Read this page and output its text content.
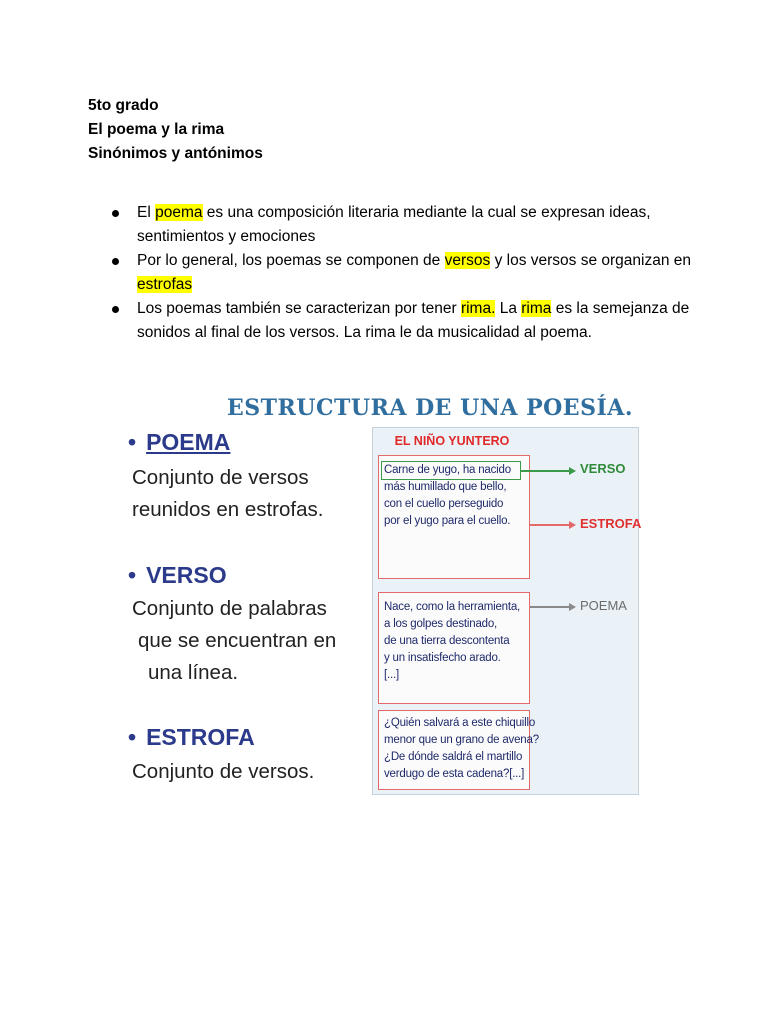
5to grado
El poema y la rima
Sinónimos y antónimos
El poema es una composición literaria mediante la cual se expresan ideas, sentimientos y emociones
Por lo general, los poemas se componen de versos y los versos se organizan en estrofas
Los poemas también se caracterizan por tener rima. La rima es la semejanza de sonidos al final de los versos. La rima le da musicalidad al poema.
ESTRUCTURA DE UNA POESÍA.
• POEMA
Conjunto de versos
reunidos en estrofas.
• VERSO
Conjunto de palabras
que se encuentran en
una línea.
• ESTROFA
Conjunto de versos.
EL NIÑO YUNTERO
Carne de yugo, ha nacido
más humillado que bello,
con el cuello perseguido
por el yugo para el cuello.
Nace, como la herramienta,
a los golpes destinado,
de una tierra descontenta
y un insatisfecho arado.
[...]
¿Quién salvará a este chiquillo
menor que un grano de avena?
¿De dónde saldrá el martillo
verdugo de esta cadena?[...]
VERSO
ESTROFA
POEMA
